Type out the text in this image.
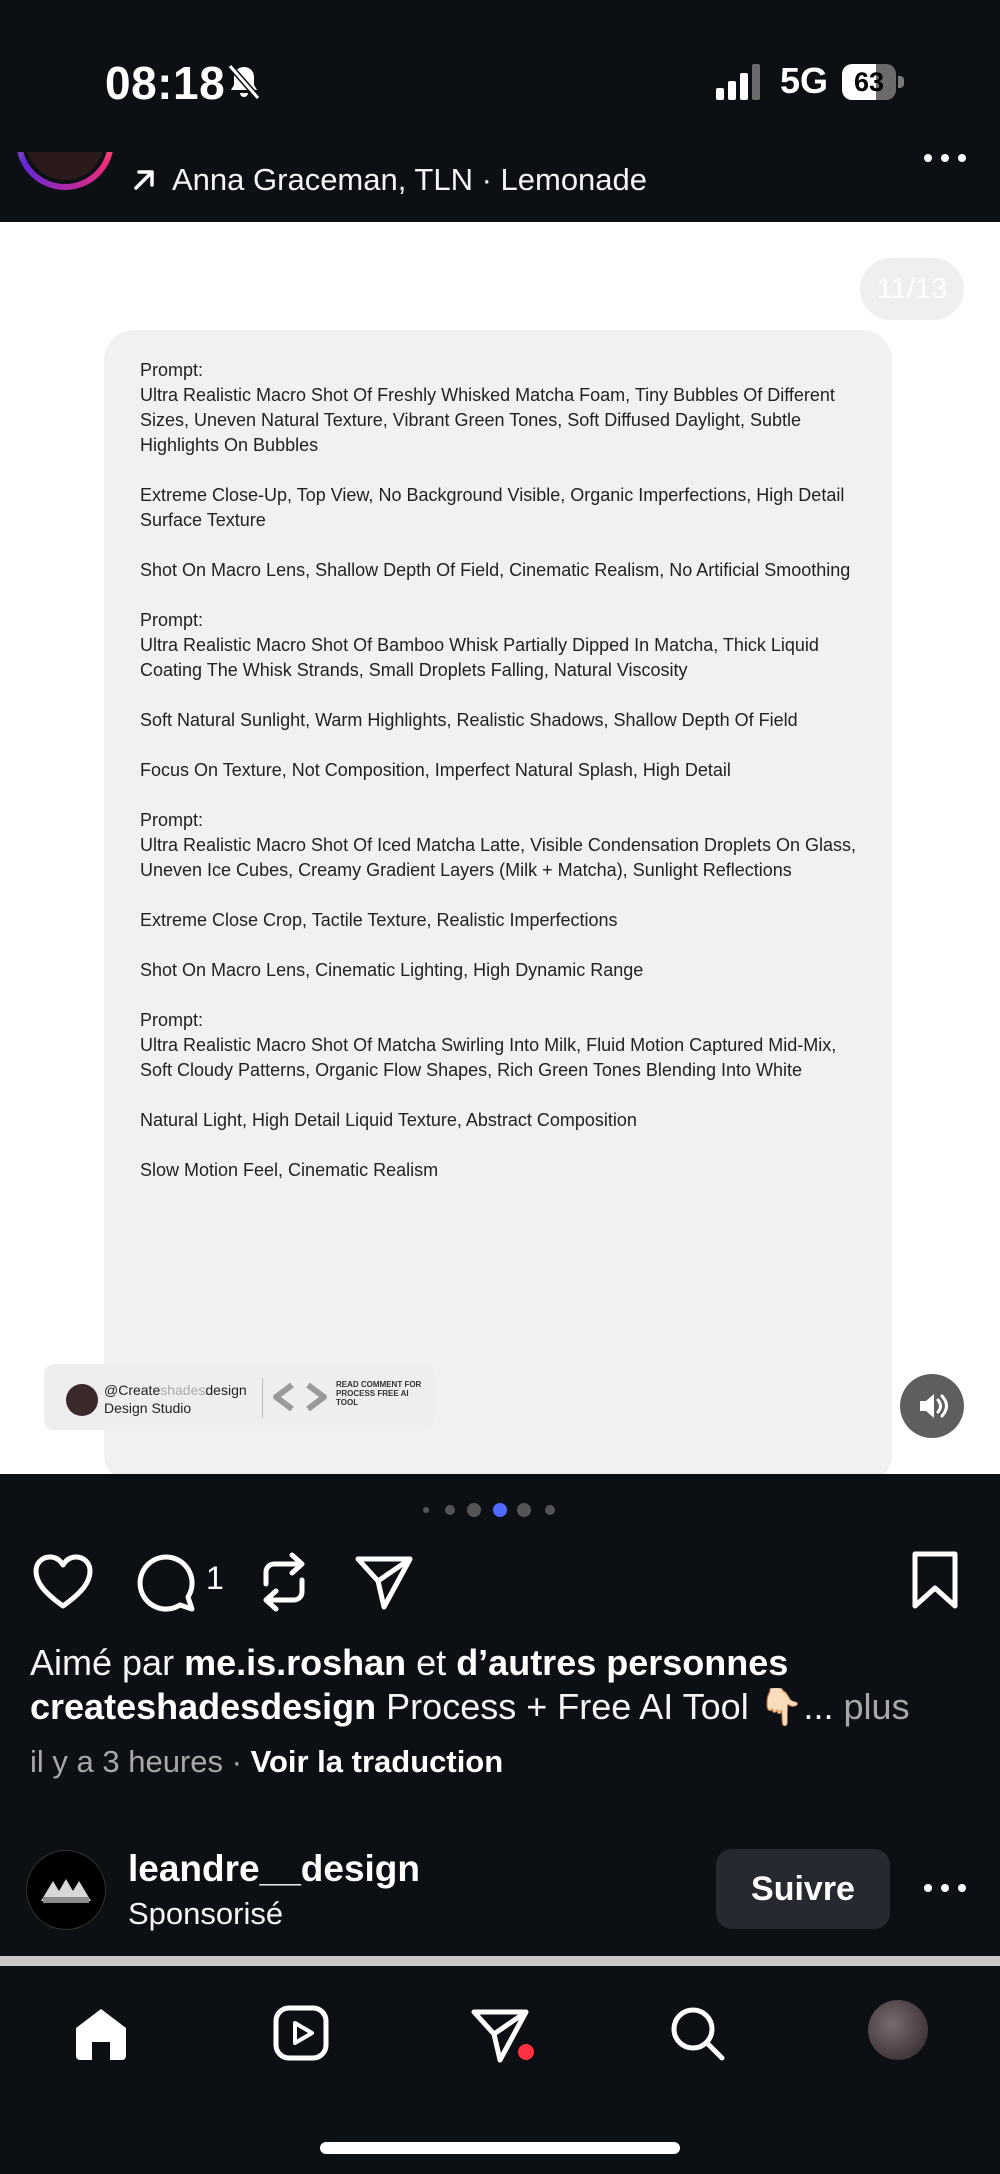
08:18	5G 63
Anna Graceman, TLN · Lemonade
11/13

Prompt:
Ultra Realistic Macro Shot Of Freshly Whisked Matcha Foam, Tiny Bubbles Of Different Sizes, Uneven Natural Texture, Vibrant Green Tones, Soft Diffused Daylight, Subtle Highlights On Bubbles

Extreme Close-Up, Top View, No Background Visible, Organic Imperfections, High Detail Surface Texture

Shot On Macro Lens, Shallow Depth Of Field, Cinematic Realism, No Artificial Smoothing

Prompt:
Ultra Realistic Macro Shot Of Bamboo Whisk Partially Dipped In Matcha, Thick Liquid Coating The Whisk Strands, Small Droplets Falling, Natural Viscosity

Soft Natural Sunlight, Warm Highlights, Realistic Shadows, Shallow Depth Of Field

Focus On Texture, Not Composition, Imperfect Natural Splash, High Detail

Prompt:
Ultra Realistic Macro Shot Of Iced Matcha Latte, Visible Condensation Droplets On Glass, Uneven Ice Cubes, Creamy Gradient Layers (Milk + Matcha), Sunlight Reflections

Extreme Close Crop, Tactile Texture, Realistic Imperfections

Shot On Macro Lens, Cinematic Lighting, High Dynamic Range

Prompt:
Ultra Realistic Macro Shot Of Matcha Swirling Into Milk, Fluid Motion Captured Mid-Mix, Soft Cloudy Patterns, Organic Flow Shapes, Rich Green Tones Blending Into White

Natural Light, High Detail Liquid Texture, Abstract Composition

Slow Motion Feel, Cinematic Realism

@Createshadesdesign
Design Studio
READ COMMENT FOR PROCESS FREE AI TOOL
1
Aimé par me.is.roshan et d’autres personnes
createshadesdesign Process + Free AI Tool 👇🏻... plus
il y a 3 heures · Voir la traduction
leandre__design
Sponsorisé
Suivre
